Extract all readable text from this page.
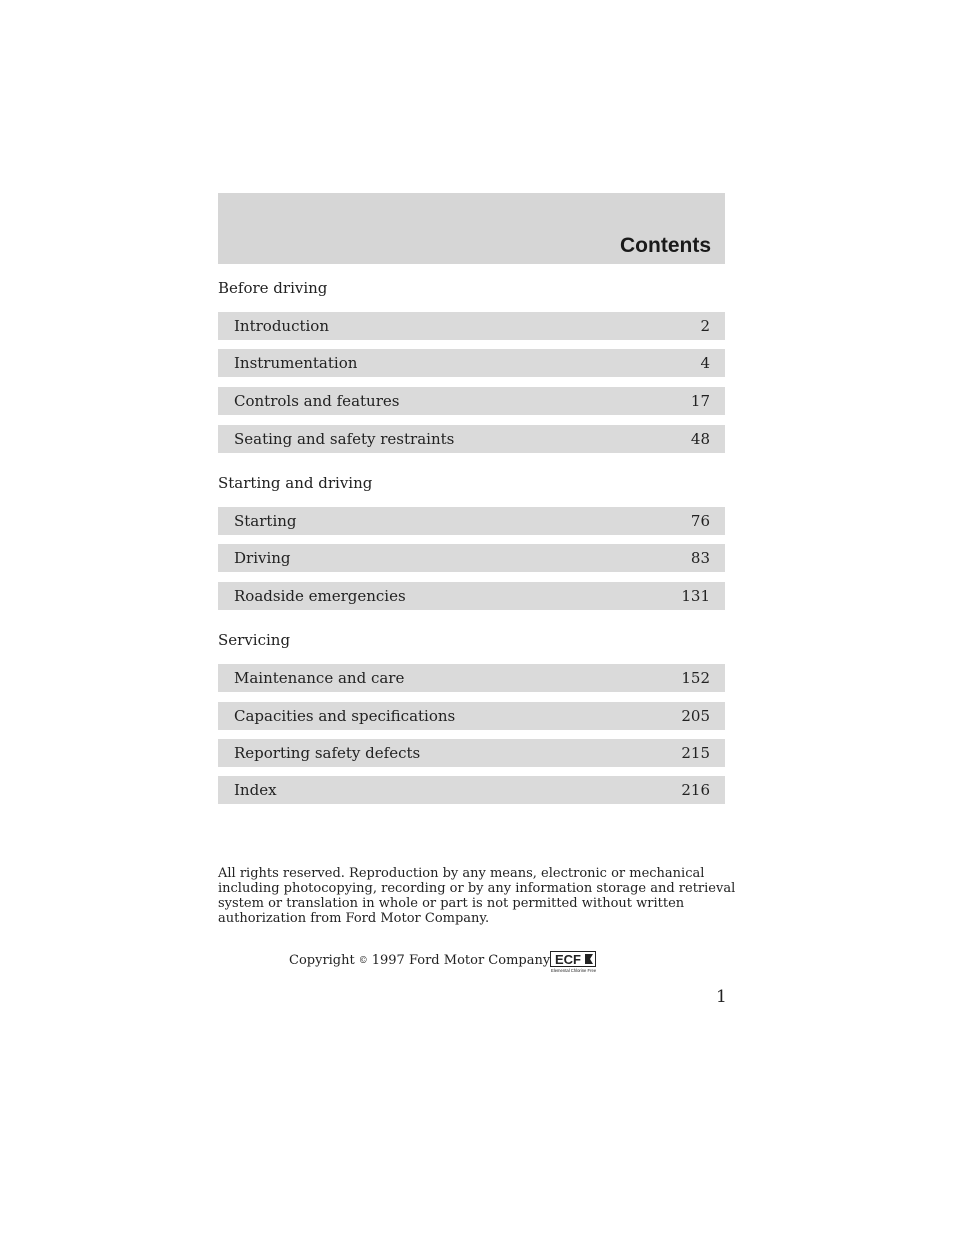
Contents
Before driving
Introduction	2
Instrumentation	4
Controls and features	17
Seating and safety restraints	48
Starting and driving
Starting	76
Driving	83
Roadside emergencies	131
Servicing
Maintenance and care	152
Capacities and specifications	205
Reporting safety defects	215
Index	216
All rights reserved. Reproduction by any means, electronic or mechanical including photocopying, recording or by any information storage and retrieval system or translation in whole or part is not permitted without written authorization from Ford Motor Company.
Copyright © 1997 Ford Motor Company ECF
Elemental Chlorine Free
1
